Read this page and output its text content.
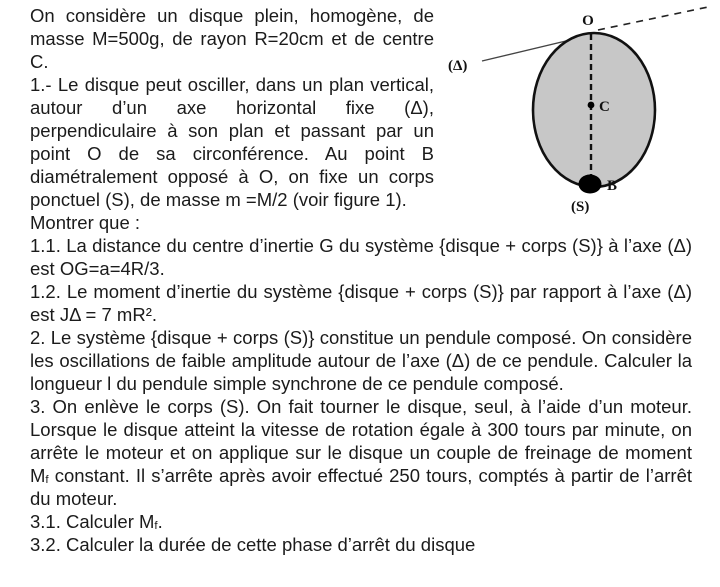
O
(Δ)
C
B
(S)

On considère un disque plein, homogène, de masse M=500g, de rayon R=20cm et de centre C.

1.- Le disque peut osciller, dans un plan vertical, autour d’un axe horizontal fixe (Δ), perpendiculaire à son plan et passant par un point O de sa circonférence. Au point B diamétralement opposé à O, on fixe un corps ponctuel (S), de masse m =M/2 (voir figure 1).

Montrer que :

1.1. La distance du centre d’inertie G du système {disque + corps (S)} à l’axe (Δ) est OG=a=4R/3.

1.2. Le moment d’inertie du système {disque + corps (S)} par rapport à l’axe (Δ) est JΔ = 7 mR².

2. Le système {disque + corps (S)} constitue un pendule composé. On considère les oscillations de faible amplitude autour de l’axe (Δ) de ce pendule. Calculer la longueur l du pendule simple synchrone de ce pendule composé.

3. On enlève le corps (S). On fait tourner le disque, seul, à l’aide d’un moteur. Lorsque le disque atteint la vitesse de rotation égale à 300 tours par minute, on arrête le moteur et on applique sur le disque un couple de freinage de moment $M_f$ constant. Il s’arrête après avoir effectué 250 tours, comptés à partir de l’arrêt du moteur.

3.1. Calculer $M_f$.

3.2. Calculer la durée de cette phase d’arrêt du disque
